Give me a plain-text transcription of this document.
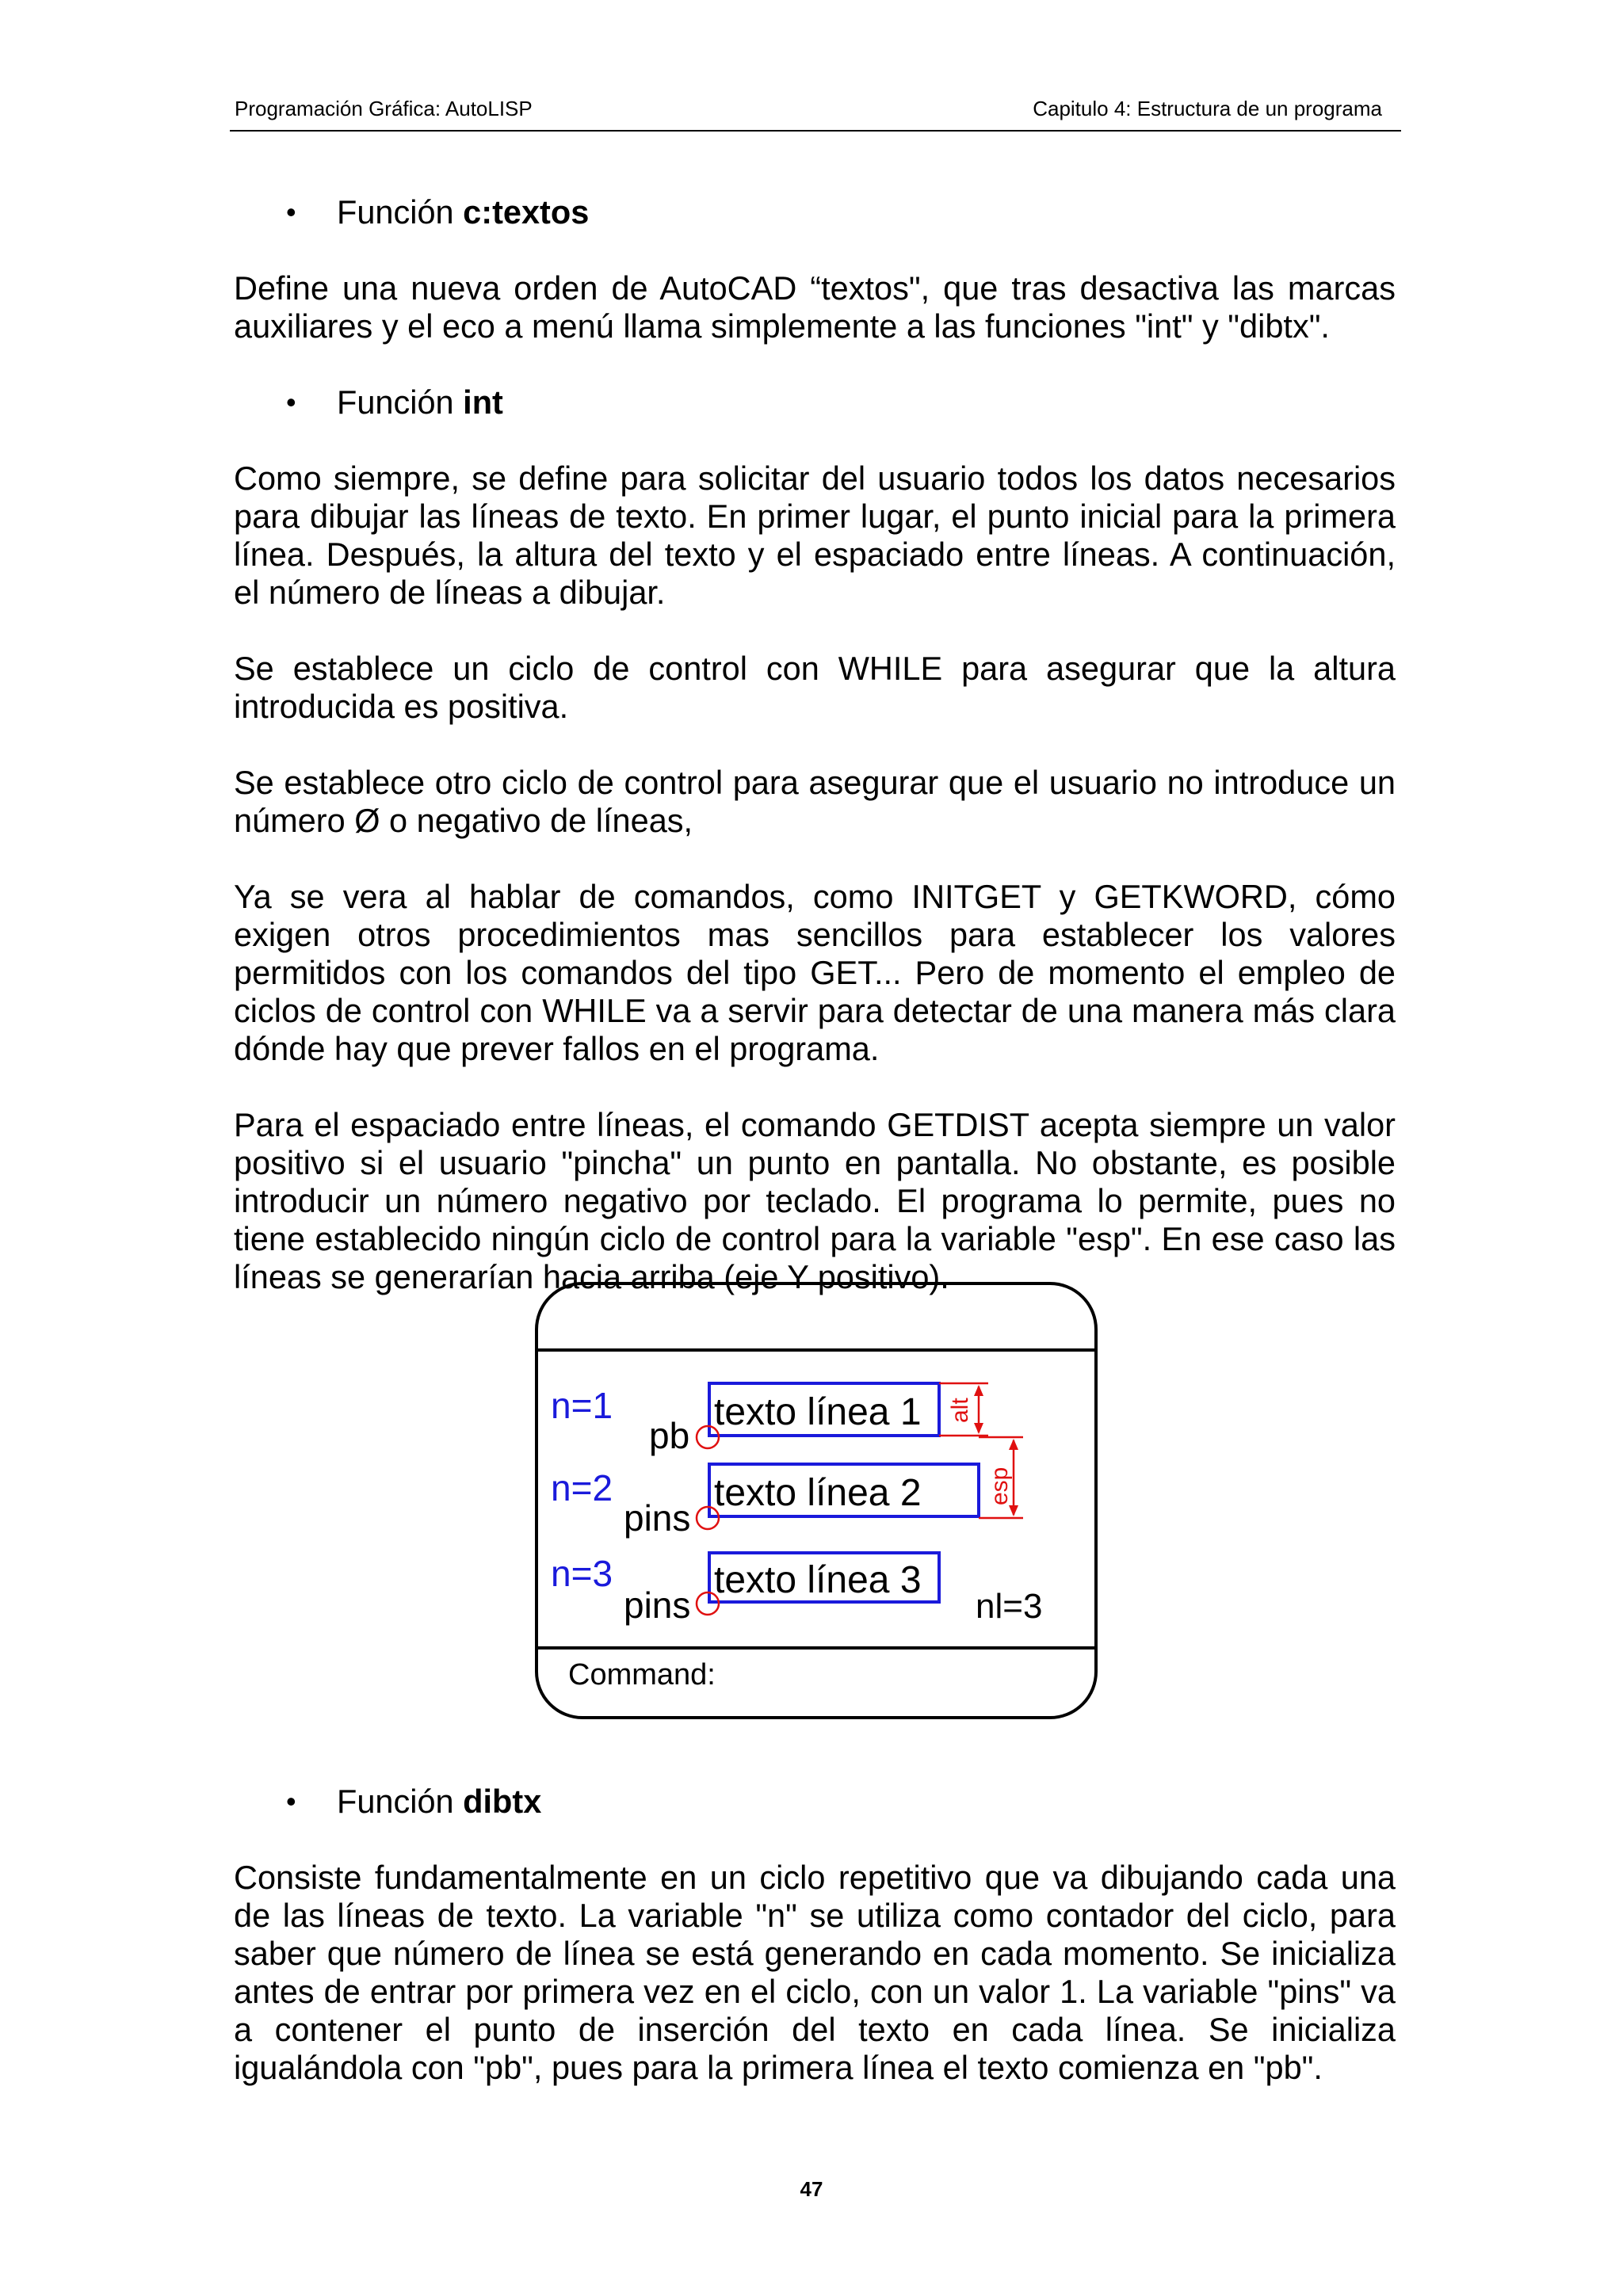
Programación Gráfica: AutoLISP	Capitulo 4: Estructura de un programa
• Función c:textos

Define una nueva orden de AutoCAD “textos", que tras desactiva las marcas auxiliares y el eco a menú llama simplemente a las funciones "int" y "dibtx".

• Función int

Como siempre, se define para solicitar del usuario todos los datos necesarios para dibujar las líneas de texto. En primer lugar, el punto inicial para la primera línea. Después, la altura del texto y el espaciado entre líneas. A continuación, el número de líneas a dibujar.

Se establece un ciclo de control con WHILE para asegurar que la altura introducida es positiva.

Se establece otro ciclo de control para asegurar que el usuario no introduce un número Ø o negativo de líneas,

Ya se vera al hablar de comandos, como INITGET y GETKWORD, cómo exigen otros procedimientos mas sencillos para establecer los valores permitidos con los comandos del tipo GET... Pero de momento el empleo de ciclos de control con WHILE va a servir para detectar de una manera más clara dónde hay que prever fallos en el programa.

Para el espaciado entre líneas, el comando GETDIST acepta siempre un valor positivo si el usuario "pincha" un punto en pantalla. No obstante, es posible introducir un número negativo por teclado. El programa lo permite, pues no tiene establecido ningún ciclo de control para la variable "esp". En ese caso las líneas se generarían hacia arriba (eje Y positivo).

texto línea 1
texto línea 2
texto línea 3
n=1
n=2
n=3
pb
pins
pins
alt
esp
nl=3
Command:
• Función dibtx

Consiste fundamentalmente en un ciclo repetitivo que va dibujando cada una de las líneas de texto. La variable "n" se utiliza como contador del ciclo, para saber que número de línea se está generando en cada momento. Se inicializa antes de entrar por primera vez en el ciclo, con un valor 1. La variable "pins" va a contener el punto de inserción del texto en cada línea. Se inicializa igualándola con "pb", pues para la primera línea el texto comienza en "pb".

47
